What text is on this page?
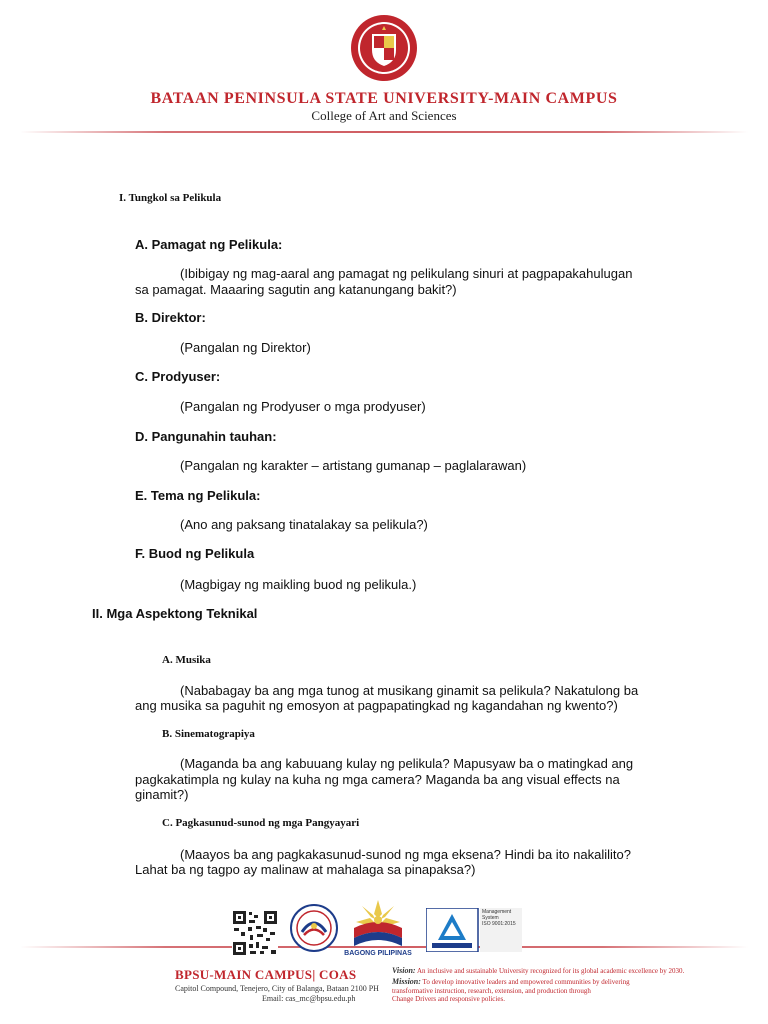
BATAAN PENINSULA STATE UNIVERSITY-MAIN CAMPUS
College of Art and Sciences
I. Tungkol sa Pelikula
A. Pamagat ng Pelikula:
(Ibibigay ng mag-aaral ang pamagat ng pelikulang sinuri at pagpapakahulugan
sa pamagat. Maaaring sagutin ang katanungang bakit?)
B. Direktor:
(Pangalan ng Direktor)
C. Prodyuser:
(Pangalan ng Prodyuser o mga prodyuser)
D. Pangunahin tauhan:
(Pangalan ng karakter – artistang gumanap – paglalarawan)
E. Tema ng Pelikula:
(Ano ang paksang tinatalakay sa pelikula?)
F. Buod ng Pelikula
(Magbigay ng maikling buod ng pelikula.)
II. Mga Aspektong Teknikal
A. Musika
(Nababagay ba ang mga tunog at musikang ginamit sa pelikula? Nakatulong ba
ang musika sa paguhit ng emosyon at pagpapatingkad ng kagandahan ng kwento?)
B. Sinematograpiya
(Maganda ba ang kabuuang kulay ng pelikula? Mapusyaw ba o matingkad ang
pagkakatimpla ng kulay na kuha ng mga camera? Maganda ba ang visual effects na
ginamit?)
C. Pagkasunud-sunod ng mga Pangyayari
(Maayos ba ang pagkakasunud-sunod ng mga eksena? Hindi ba ito nakalilito?
Lahat ba ng tagpo ay malinaw at mahalaga sa pinapaksa?)
BAGONG PILIPINAS
Management
System
ISO 9001:2015
BPSU-MAIN CAMPUS| COAS
Capitol Compound, Tenejero, City of Balanga, Bataan 2100 PH
Email: cas_mc@bpsu.edu.ph
Vision: An inclusive and sustainable University recognized for its global academic excellence by 2030.
Mission: To develop innovative leaders and empowered communities by delivering
transformative instruction, research, extension, and production through
Change Drivers and responsive policies.
